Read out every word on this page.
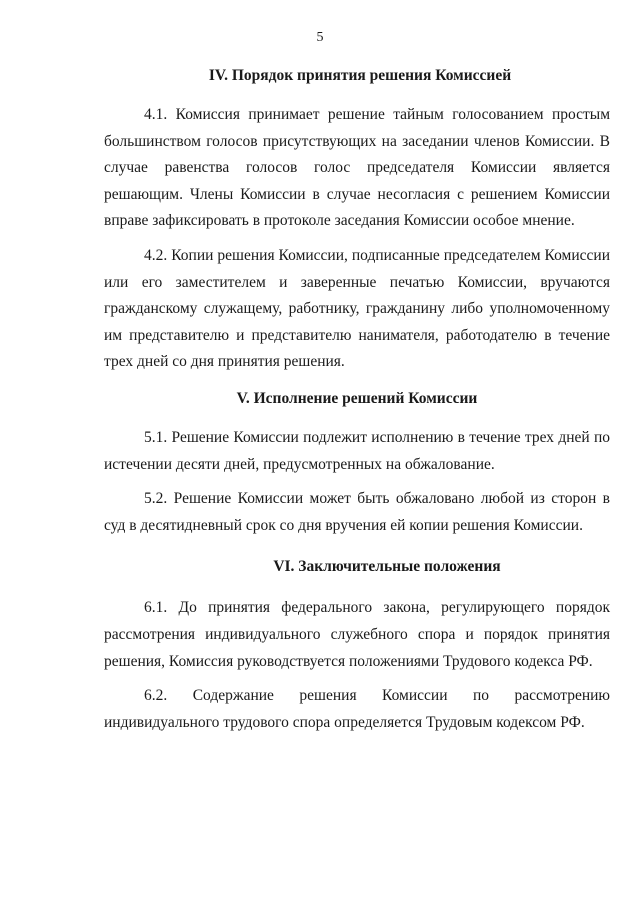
5
IV. Порядок принятия решения Комиссией

4.1. Комиссия принимает решение тайным голосованием простым большинством голосов присутствующих на заседании членов Комиссии. В случае равенства голосов голос председателя Комиссии является решающим. Члены Комиссии в случае несогласия с решением Комиссии вправе зафиксировать в протоколе заседания Комиссии особое мнение.

4.2. Копии решения Комиссии, подписанные председателем Комиссии или его заместителем и заверенные печатью Комиссии, вручаются гражданскому служащему, работнику, гражданину либо уполномоченному им представителю и представителю нанимателя, работодателю в течение трех дней со дня принятия решения.

V. Исполнение решений Комиссии

5.1. Решение Комиссии подлежит исполнению в течение трех дней по истечении десяти дней, предусмотренных на обжалование.

5.2. Решение Комиссии может быть обжаловано любой из сторон в суд в десятидневный срок со дня вручения ей копии решения Комиссии.

VI. Заключительные положения

6.1. До принятия федерального закона, регулирующего порядок рассмотрения индивидуального служебного спора и порядок принятия решения, Комиссия руководствуется положениями Трудового кодекса РФ.

6.2. Содержание решения Комиссии по рассмотрению индивидуального трудового спора определяется Трудовым кодексом РФ.
